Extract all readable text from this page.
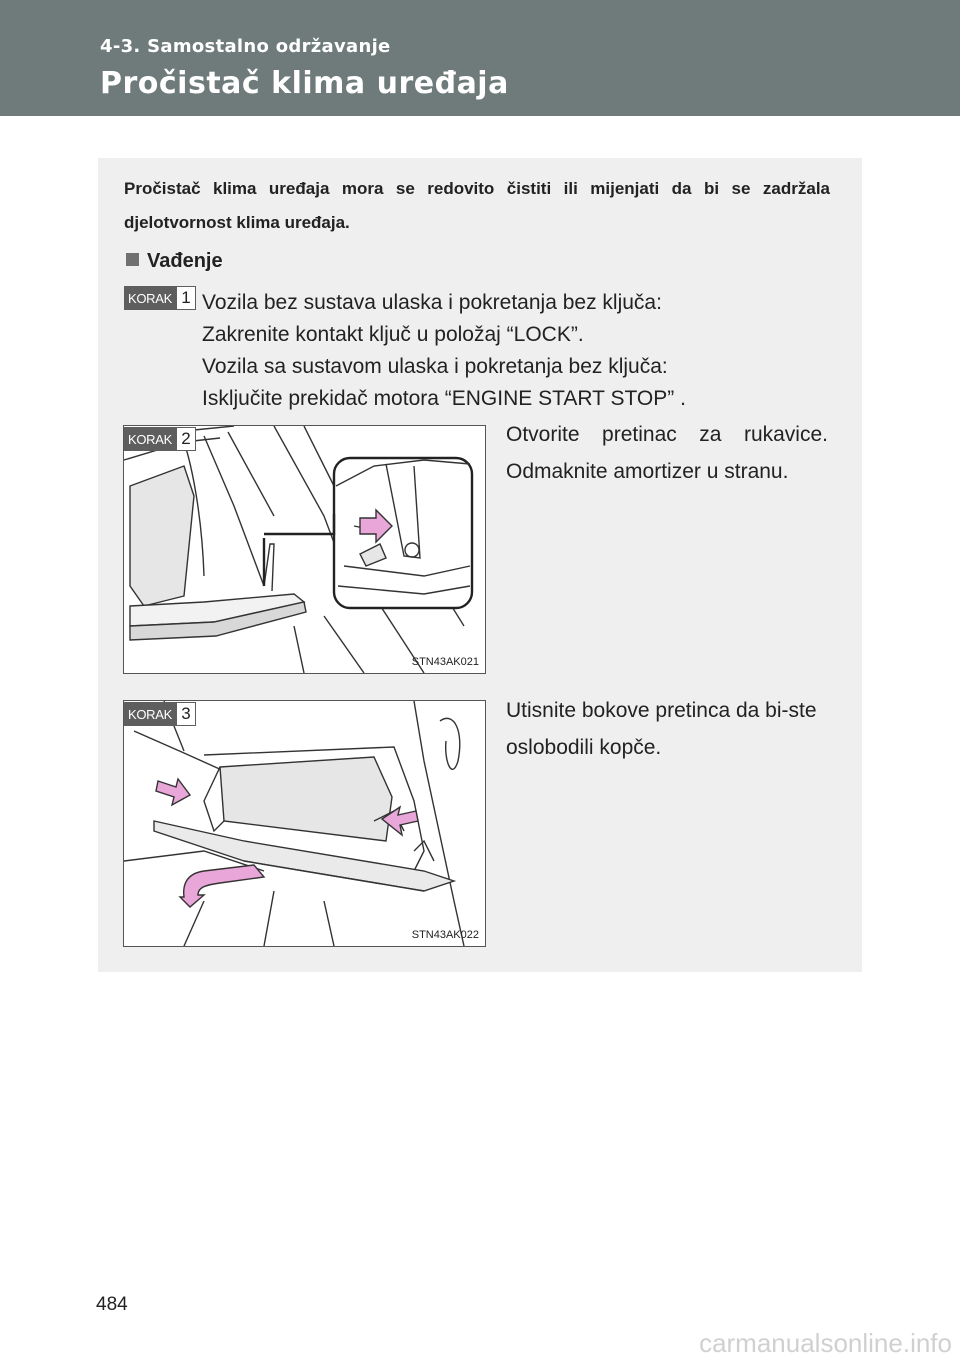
4-3. Samostalno održavanje
Pročistač klima uređaja
Pročistač klima uređaja mora se redovito čistiti ili mijenjati da bi se zadržala djelotvornost klima uređaja.
Vađenje
KORAK 1 Vozila bez sustava ulaska i pokretanja bez ključa:
Zakrenite kontakt ključ u položaj “LOCK”.
Vozila sa sustavom ulaska i pokretanja bez ključa:
Isključite prekidač motora “ENGINE START STOP” .
STN43AK021
KORAK 2	Otvorite pretinac za rukavice. Odmaknite amortizer u stranu.
STN43AK022
KORAK 3	Utisnite bokove pretinca da bi-ste oslobodili kopče.
484
carmanualsonline.info
